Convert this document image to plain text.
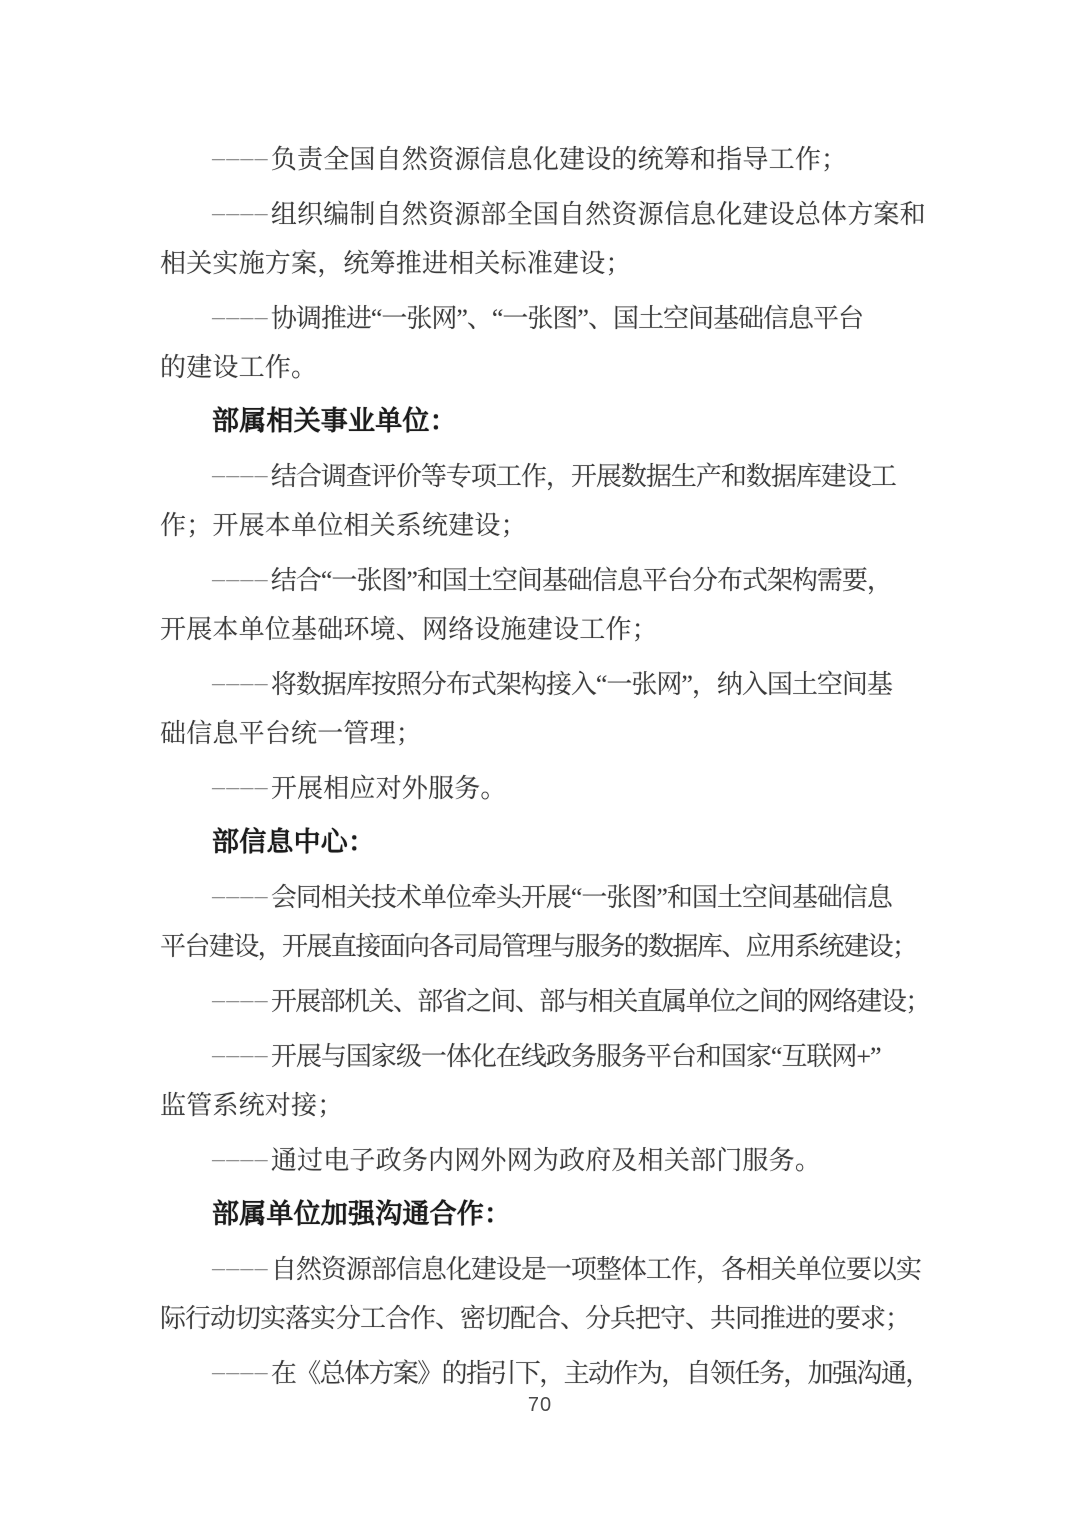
————负责全国自然资源信息化建设的统筹和指导工作；
————组织编制自然资源部全国自然资源信息化建设总体方案和
相关实施方案，统筹推进相关标准建设；
————协调推进“一张网”、“一张图”、国土空间基础信息平台
的建设工作。
部属相关事业单位：
————结合调查评价等专项工作，开展数据生产和数据库建设工
作；开展本单位相关系统建设；
————结合“一张图”和国土空间基础信息平台分布式架构需要，
开展本单位基础环境、网络设施建设工作；
————将数据库按照分布式架构接入“一张网”，纳入国土空间基
础信息平台统一管理；
————开展相应对外服务。
部信息中心：
————会同相关技术单位牵头开展“一张图”和国土空间基础信息
平台建设，开展直接面向各司局管理与服务的数据库、应用系统建设；
————开展部机关、部省之间、部与相关直属单位之间的网络建设；
————开展与国家级一体化在线政务服务平台和国家“互联网+”
监管系统对接；
————通过电子政务内网外网为政府及相关部门服务。
部属单位加强沟通合作：
————自然资源部信息化建设是一项整体工作，各相关单位要以实
际行动切实落实分工合作、密切配合、分兵把守、共同推进的要求；
————在《总体方案》的指引下，主动作为，自领任务，加强沟通，
70
